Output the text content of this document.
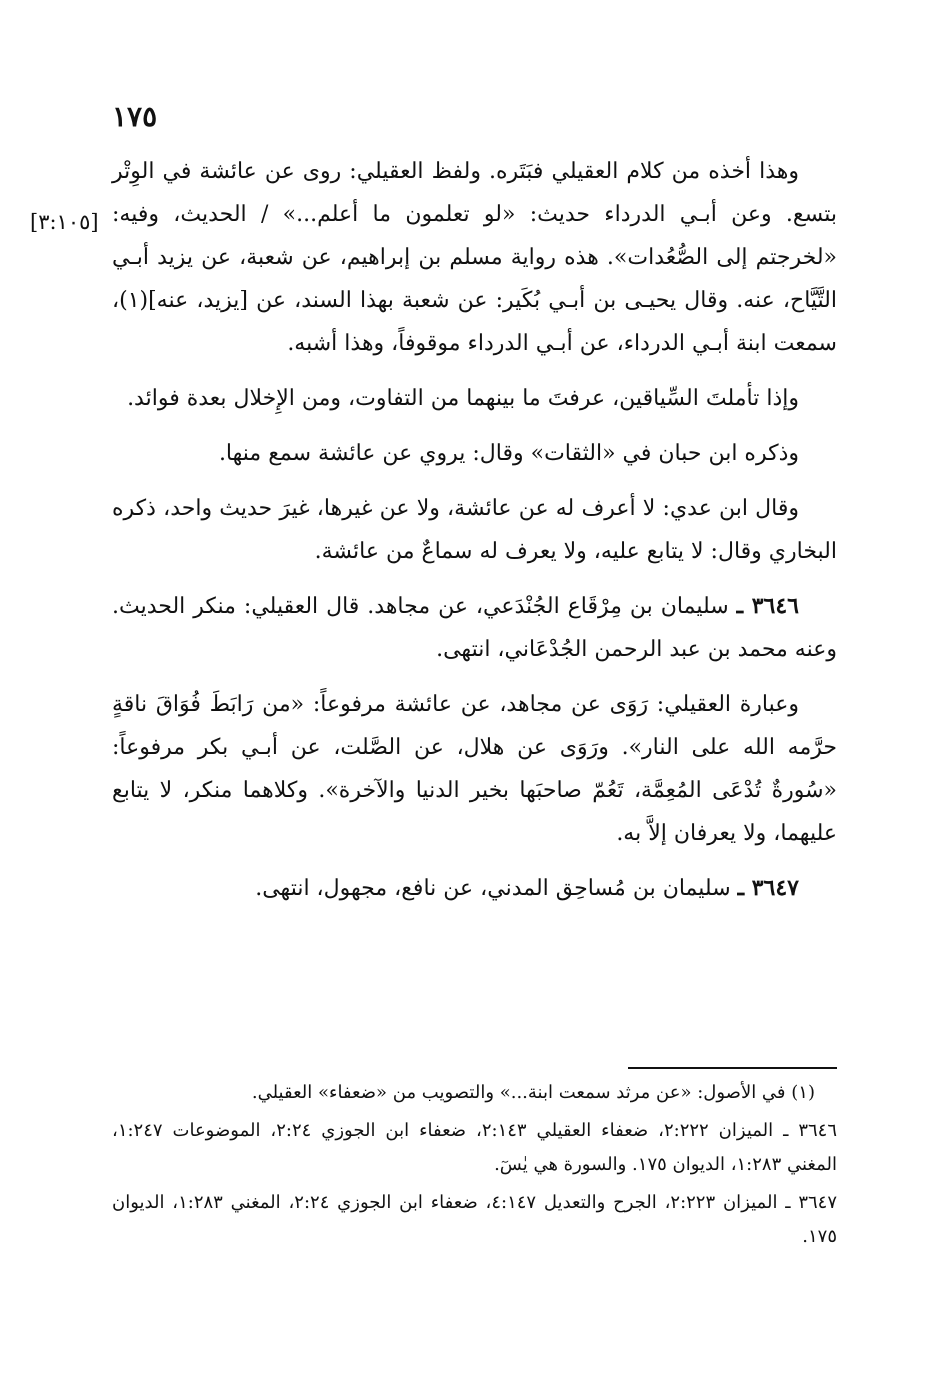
١٧٥
[٣:١٠٥]

وهذا أخذه من كلام العقيلي فبَتَره. ولفظ العقيلي: روى عن عائشة في الوِتْر بتسع. وعن أبـي الدرداء حديث: «لو تعلمون ما أعلم...» / الحديث، وفيه: «لخرجتم إلى الصُّعُدات». هذه رواية مسلم بن إبراهيم، عن شعبة، عن يزيد أبـي التَّيَّاح، عنه. وقال يحيـى بن أبـي بُكَير: عن شعبة بهذا السند، عن [يزيد، عنه](١)، سمعت ابنة أبـي الدرداء، عن أبـي الدرداء موقوفاً، وهذا أشبه.

وإذا تأملتَ السِّياقين، عرفتَ ما بينهما من التفاوت، ومن الإِخلال بعدة فوائد.

وذكره ابن حبان في «الثقات» وقال: يروي عن عائشة سمع منها.

وقال ابن عدي: لا أعرف له عن عائشة، ولا عن غيرها، غيرَ حديث واحد، ذكره البخاري وقال: لا يتابع عليه، ولا يعرف له سماعٌ من عائشة.

٣٦٤٦ ـ سليمان بن مِرْقَاع الجُنْدَعي، عن مجاهد. قال العقيلي: منكر الحديث. وعنه محمد بن عبد الرحمن الجُدْعَاني، انتهى.

وعبارة العقيلي: رَوَى عن مجاهد، عن عائشة مرفوعاً: «من رَابَطَ فُوَاقَ ناقةٍ حرَّمه الله على النار». ورَوَى عن هلال، عن الصَّلت، عن أبـي بكر مرفوعاً: «سُورةٌ تُدْعَى المُعِمَّة، تَعُمّ صاحبَها بخير الدنيا والآخرة». وكلاهما منكر، لا يتابع عليهما، ولا يعرفان إلاَّ به.

٣٦٤٧ ـ سليمان بن مُساحِق المدني، عن نافع، مجهول، انتهى.

(١) في الأصول: «عن مرثد سمعت ابنة...» والتصويب من «ضعفاء» العقيلي.

٣٦٤٦ ـ الميزان ٢:٢٢٢، ضعفاء العقيلي ٢:١٤٣، ضعفاء ابن الجوزي ٢:٢٤، الموضوعات ١:٢٤٧، المغني ١:٢٨٣، الديوان ١٧٥. والسورة هي يٰسٓ.

٣٦٤٧ ـ الميزان ٢:٢٢٣، الجرح والتعديل ٤:١٤٧، ضعفاء ابن الجوزي ٢:٢٤، المغني ١:٢٨٣، الديوان ١٧٥.
